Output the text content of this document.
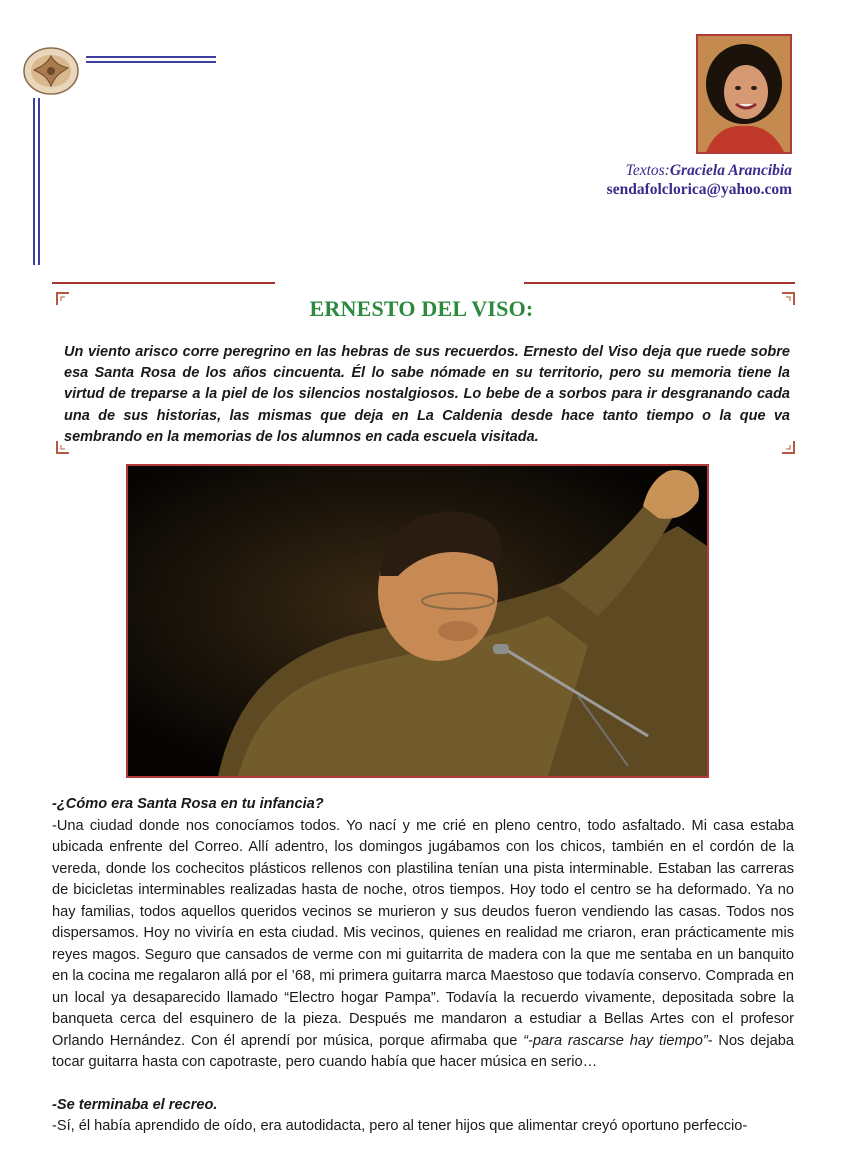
Textos:Graciela Arancibia
sendafolclorica@yahoo.com
ERNESTO DEL VISO:
Un viento arisco corre peregrino en las hebras de sus recuerdos. Ernesto del Viso deja que ruede sobre esa Santa Rosa de los años cincuenta. Él lo sabe nómade en su territorio, pero su memoria tiene la virtud de treparse a la piel de los silencios nostalgiosos. Lo bebe de a sorbos para ir desgranando cada una de sus historias, las mismas que deja en La Caldenia desde hace tanto tiempo o la que va sembrando en la memorias de los alumnos en cada escuela visitada.

-¿Cómo era Santa Rosa en tu infancia?

-Una ciudad donde nos conocíamos todos. Yo nací y me crié en pleno centro, todo asfaltado. Mi casa estaba ubicada enfrente del Correo. Allí adentro, los domingos jugábamos con los chicos, también en el cordón de la vereda, donde los cochecitos plásticos rellenos con plastilina tenían una pista interminable. Estaban las carreras de bicicletas interminables realizadas hasta de noche, otros tiempos. Hoy todo el centro se ha deformado. Ya no hay familias, todos aquellos queridos vecinos se murieron y sus deudos fueron vendiendo las casas. Todos nos dispersamos. Hoy no viviría en esta ciudad. Mis vecinos, quienes en realidad me criaron, eran prácticamente mis reyes magos. Seguro que cansados de verme con mi guitarrita de madera con la que me sentaba en un banquito en la cocina me regalaron allá por el ’68, mi primera guitarra marca Maestoso que todavía conservo. Comprada en un local ya desaparecido llamado “Electro hogar Pampa”. Todavía la recuerdo vivamente, depositada sobre la banqueta cerca del esquinero de la pieza. Después me mandaron a estudiar a Bellas Artes con el profesor Orlando Hernández. Con él aprendí por música, porque afirmaba que “-para rascarse hay tiempo”- Nos dejaba tocar guitarra hasta con capotraste, pero cuando había que hacer música en serio…

-Se terminaba el recreo.

-Sí, él había aprendido de oído, era autodidacta, pero al tener hijos que alimentar creyó oportuno perfeccio-
